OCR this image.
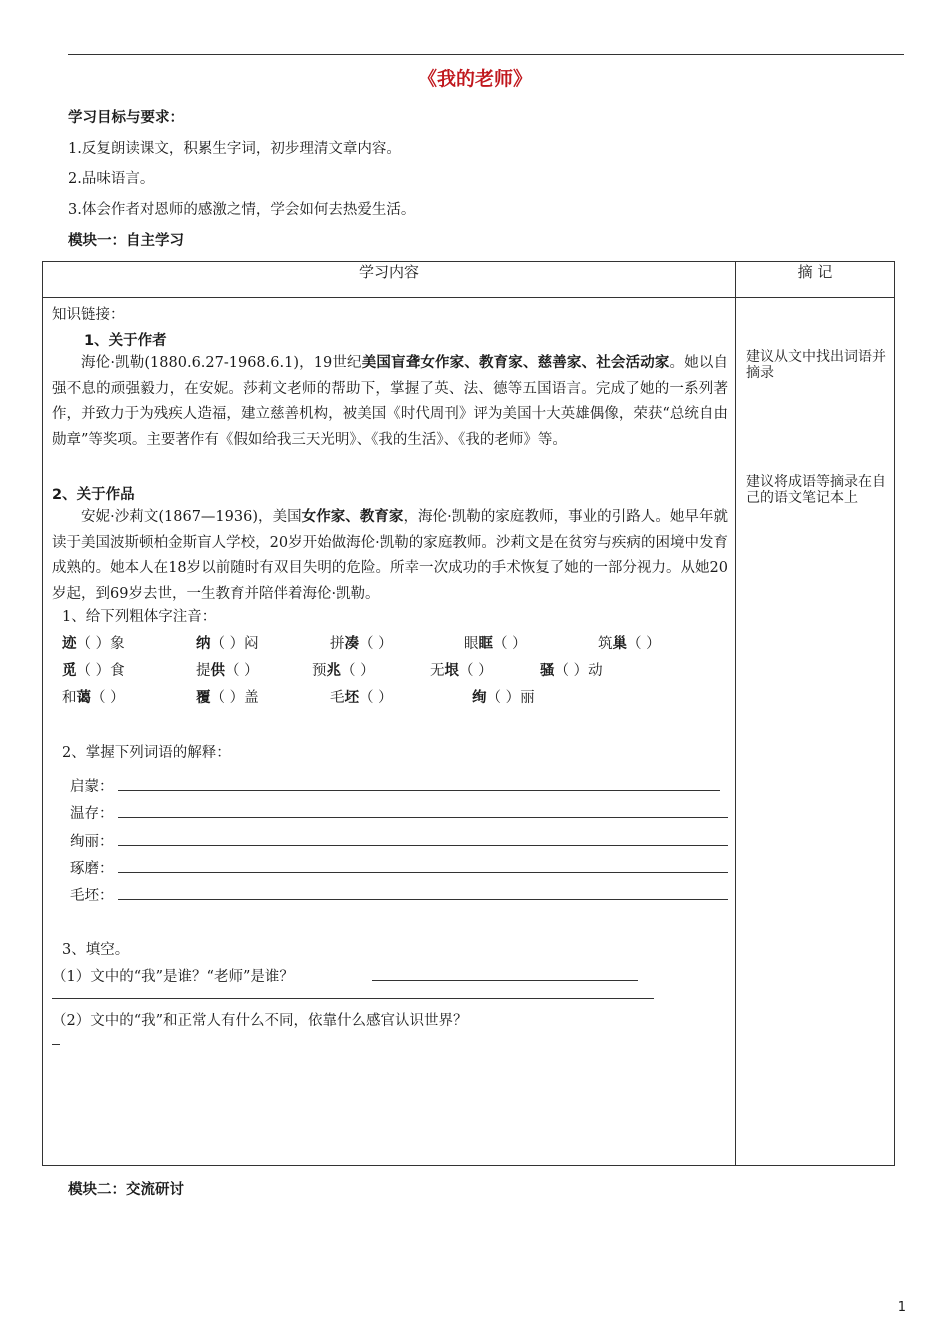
《我的老师》
学习目标与要求：
1.反复朗读课文，积累生字词，初步理清文章内容。
2.品味语言。
3.体会作者对恩师的感激之情，学会如何去热爱生活。
模块一：自主学习
学习内容	摘 记

知识链接：
1、关于作者
海伦·凯勒(1880.6.27-1968.6.1)，19世纪美国盲聋女作家、教育家、慈善家、社会活动家。她以自强不息的顽强毅力，在安妮。莎莉文老师的帮助下，掌握了英、法、德等五国语言。完成了她的一系列著作，并致力于为残疾人造福，建立慈善机构，被美国《时代周刊》评为美国十大英雄偶像，荣获“总统自由勋章”等奖项。主要著作有《假如给我三天光明》、《我的生活》、《我的老师》等。
2、关于作品
安妮·沙莉文(1867—1936)，美国女作家、教育家，海伦·凯勒的家庭教师，事业的引路人。她早年就读于美国波斯顿柏金斯盲人学校，20岁开始做海伦·凯勒的家庭教师。沙莉文是在贫穷与疾病的困境中发育成熟的。她本人在18岁以前随时有双目失明的危险。所幸一次成功的手术恢复了她的一部分视力。从她20岁起，到69岁去世，一生教育并陪伴着海伦·凯勒。
1、给下列粗体字注音：
迹（ ）象	纳（ ）闷	拼凑（ ）	眼眶（ ）	筑巢（ ）
觅（ ）食	提供（ ）	预兆（ ）	无垠（ ）	骚（ ）动
和蔼（ ）	覆（ ）盖	毛坯（ ）	绚（ ）丽
2、掌握下列词语的解释：
启蒙：
温存：
绚丽：
琢磨：
毛坯：
3、填空。
（1）文中的“我”是谁？“老师”是谁？
（2）文中的“我”和正常人有什么不同，依靠什么感官认识世界？
建议从文中找出词语并摘录
建议将成语等摘录在自己的语文笔记本上
模块二：交流研讨
1
